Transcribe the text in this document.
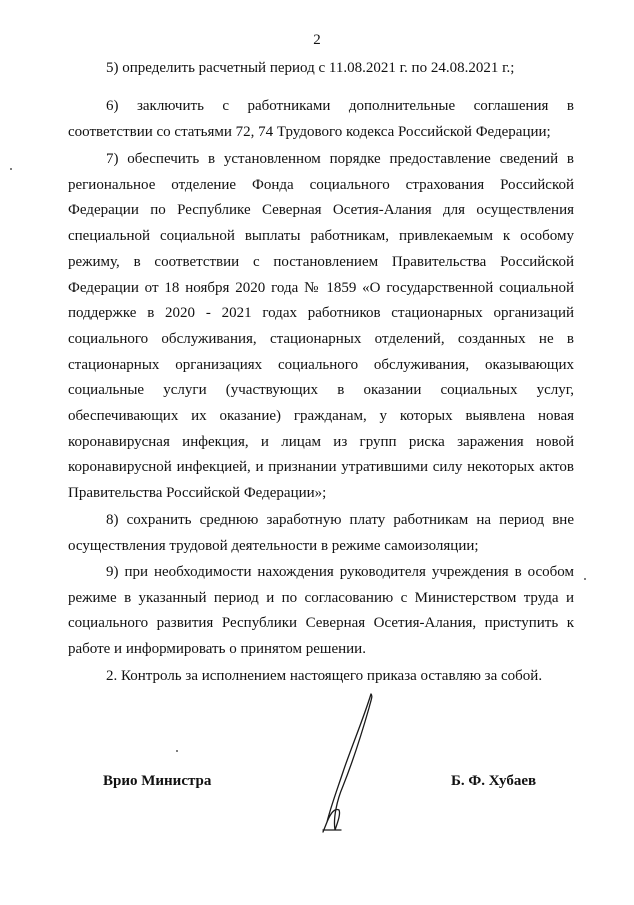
2

5) определить расчетный период с 11.08.2021 г. по 24.08.2021 г.;

6) заключить с работниками дополнительные соглашения в соответствии со статьями 72, 74 Трудового кодекса Российской Федерации;

7) обеспечить в установленном порядке предоставление сведений в региональное отделение Фонда социального страхования Российской Федерации по Республике Северная Осетия-Алания для осуществления специальной социальной выплаты работникам, привлекаемым к особому режиму, в соответствии с постановлением Правительства Российской Федерации от 18 ноября 2020 года № 1859 «О государственной социальной поддержке в 2020 - 2021 годах работников стационарных организаций социального обслуживания, стационарных отделений, созданных не в стационарных организациях социального обслуживания, оказывающих социальные услуги (участвующих в оказании социальных услуг, обеспечивающих их оказание) гражданам, у которых выявлена новая коронавирусная инфекция, и лицам из групп риска заражения новой коронавирусной инфекцией, и признании утратившими силу некоторых актов Правительства Российской Федерации»;

8) сохранить среднюю заработную плату работникам на период вне осуществления трудовой деятельности в режиме самоизоляции;

9) при необходимости нахождения руководителя учреждения в особом режиме в указанный период и по согласованию с Министерством труда и социального развития Республики Северная Осетия-Алания, приступить к работе и информировать о принятом решении.

2. Контроль за исполнением настоящего приказа оставляю за собой.

Врио Министра	Б. Ф. Хубаев
